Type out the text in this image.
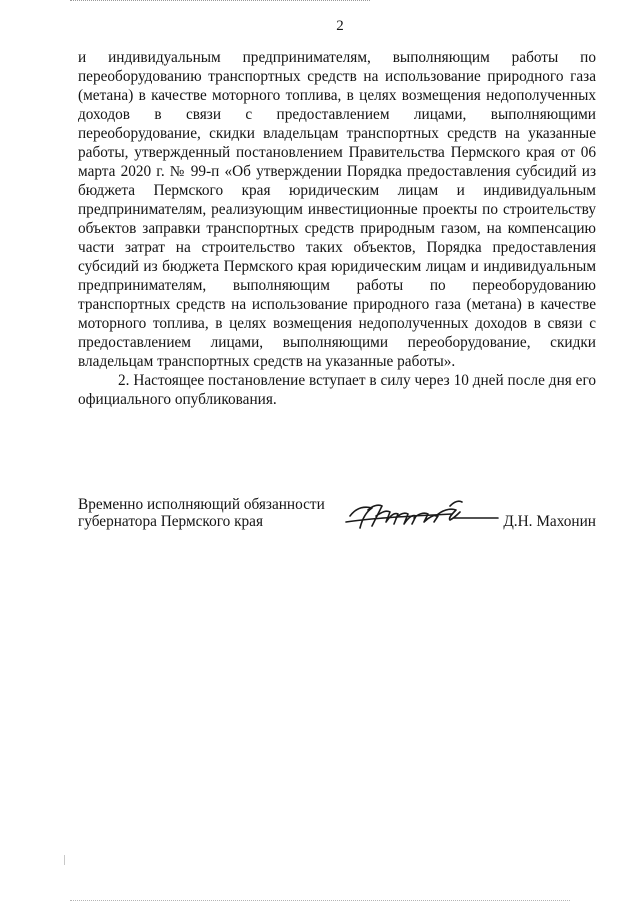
2

и индивидуальным предпринимателям, выполняющим работы по переоборудованию транспортных средств на использование природного газа (метана) в качестве моторного топлива, в целях возмещения недополученных доходов в связи с предоставлением лицами, выполняющими переоборудование, скидки владельцам транспортных средств на указанные работы, утвержденный постановлением Правительства Пермского края от 06 марта 2020 г. № 99-п «Об утверждении Порядка предоставления субсидий из бюджета Пермского края юридическим лицам и индивидуальным предпринимателям, реализующим инвестиционные проекты по строительству объектов заправки транспортных средств природным газом, на компенсацию части затрат на строительство таких объектов, Порядка предоставления субсидий из бюджета Пермского края юридическим лицам и индивидуальным предпринимателям, выполняющим работы по переоборудованию транспортных средств на использование природного газа (метана) в качестве моторного топлива, в целях возмещения недополученных доходов в связи с предоставлением лицами, выполняющими переоборудование, скидки владельцам транспортных средств на указанные работы».

2. Настоящее постановление вступает в силу через 10 дней после дня его официального опубликования.

Временно исполняющий обязанности
губернатора Пермского края	Д.Н. Махонин
